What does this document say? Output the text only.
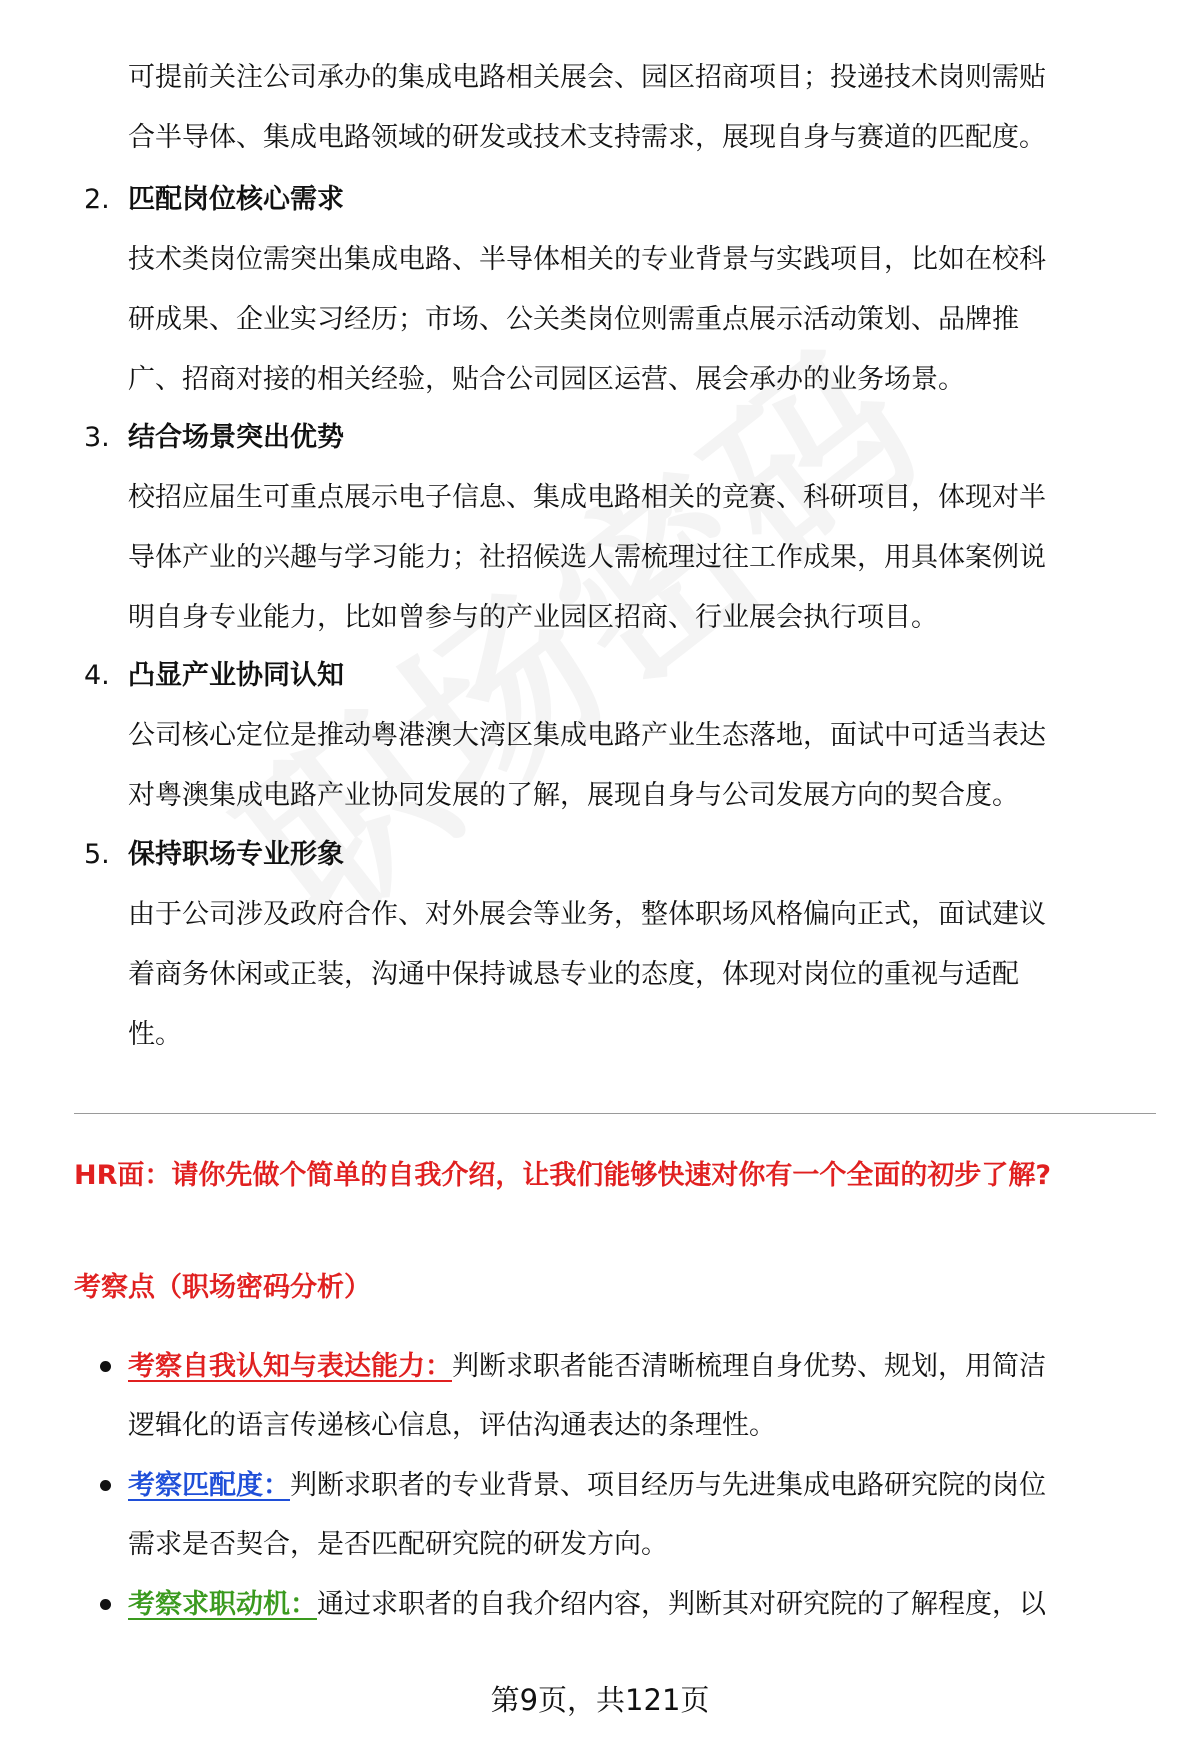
可提前关注公司承办的集成电路相关展会、园区招商项目；投递技术岗则需贴
合半导体、集成电路领域的研发或技术支持需求，展现自身与赛道的匹配度。
2. 匹配岗位核心需求
技术类岗位需突出集成电路、半导体相关的专业背景与实践项目，比如在校科
研成果、企业实习经历；市场、公关类岗位则需重点展示活动策划、品牌推
广、招商对接的相关经验，贴合公司园区运营、展会承办的业务场景。
3. 结合场景突出优势
校招应届生可重点展示电子信息、集成电路相关的竞赛、科研项目，体现对半
导体产业的兴趣与学习能力；社招候选人需梳理过往工作成果，用具体案例说
明自身专业能力，比如曾参与的产业园区招商、行业展会执行项目。
4. 凸显产业协同认知
公司核心定位是推动粤港澳大湾区集成电路产业生态落地，面试中可适当表达
对粤澳集成电路产业协同发展的了解，展现自身与公司发展方向的契合度。
5. 保持职场专业形象
由于公司涉及政府合作、对外展会等业务，整体职场风格偏向正式，面试建议
着商务休闲或正装，沟通中保持诚恳专业的态度，体现对岗位的重视与适配
性。
HR面：请你先做个简单的自我介绍，让我们能够快速对你有一个全面的初步了解?
考察点（职场密码分析）
考察自我认知与表达能力：判断求职者能否清晰梳理自身优势、规划，用简洁
逻辑化的语言传递核心信息，评估沟通表达的条理性。
考察匹配度：判断求职者的专业背景、项目经历与先进集成电路研究院的岗位
需求是否契合，是否匹配研究院的研发方向。
考察求职动机：通过求职者的自我介绍内容，判断其对研究院的了解程度，以
第9页，共121页
